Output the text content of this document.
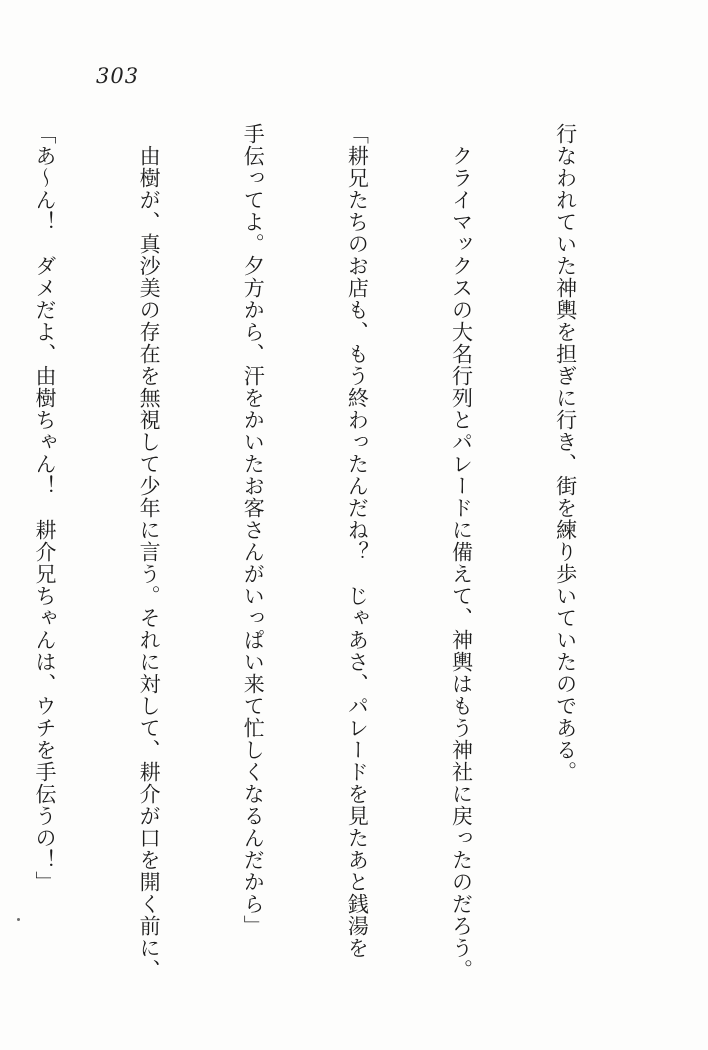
303

行なわれていた神輿を担ぎに行き、街を練り歩いていたのである。

　クライマックスの大名行列とパレードに備えて、神輿はもう神社に戻ったのだろう。

「耕兄たちのお店も、もう終わったんだね？　じゃあさ、パレードを見たあと銭湯を

手伝ってよ。夕方から、汗をかいたお客さんがいっぱい来て忙しくなるんだから」

　由樹が、真沙美の存在を無視して少年に言う。それに対して、耕介が口を開く前に、

「あ〜ん！　ダメだよ、由樹ちゃん！　耕介兄ちゃんは、ウチを手伝うの！」
